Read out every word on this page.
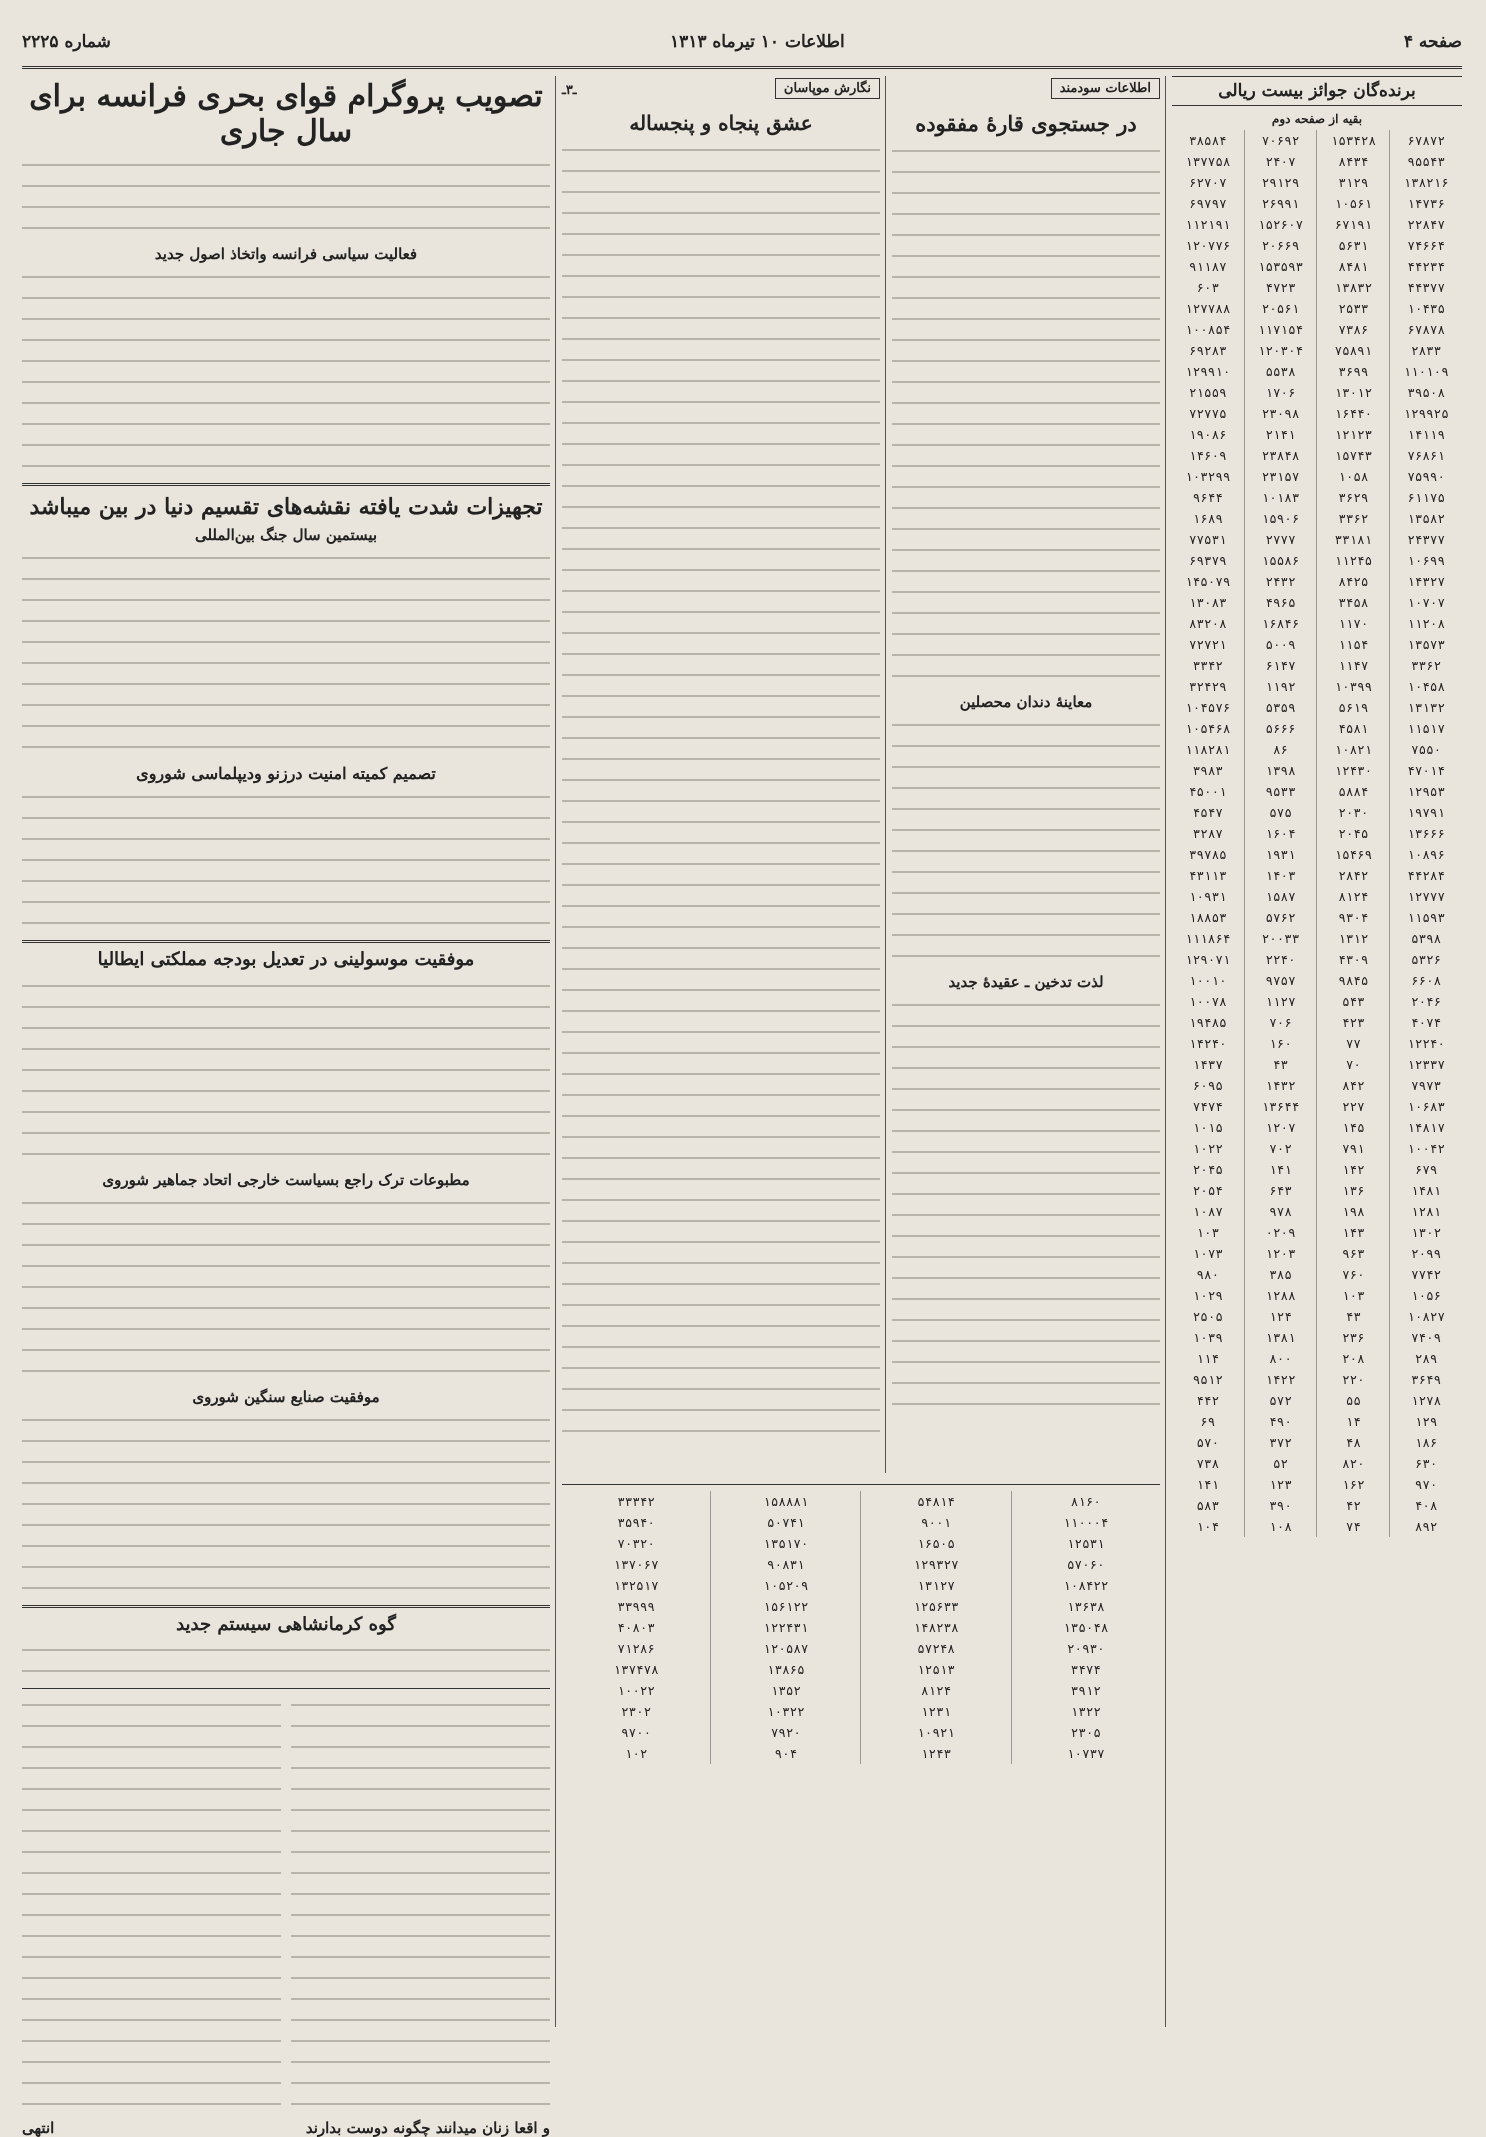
صفحه ۴
اطلاعات ۱۰ تیرماه ۱۳۱۳
شماره ۲۲۲۵
برنده‌گان جوائز بیست ریالی
بقیه از صفحه دوم
۳۸۵۸۴	۷۰۶۹۲	۱۵۳۴۲۸	۶۷۸۷۲
۱۳۷۷۵۸	۲۴۰۷	۸۴۳۴	۹۵۵۴۳
۶۲۷۰۷	۲۹۱۲۹	۳۱۲۹	۱۳۸۲۱۶
۶۹۷۹۷	۲۶۹۹۱	۱۰۵۶۱	۱۴۷۳۶
۱۱۲۱۹۱	۱۵۲۶۰۷	۶۷۱۹۱	۲۲۸۴۷
۱۲۰۷۷۶	۲۰۶۶۹	۵۶۳۱	۷۴۶۶۴
۹۱۱۸۷	۱۵۳۵۹۳	۸۴۸۱	۴۴۲۳۴
۶۰۳	۴۷۲۳	۱۳۸۳۲	۴۴۳۷۷
۱۲۷۷۸۸	۲۰۵۶۱	۲۵۳۳	۱۰۴۳۵
۱۰۰۸۵۴	۱۱۷۱۵۴	۷۳۸۶	۶۷۸۷۸
۶۹۲۸۳	۱۲۰۳۰۴	۷۵۸۹۱	۲۸۳۳
۱۲۹۹۱۰	۵۵۳۸	۳۶۹۹	۱۱۰۱۰۹
۲۱۵۵۹	۱۷۰۶	۱۳۰۱۲	۳۹۵۰۸
۷۲۷۷۵	۲۳۰۹۸	۱۶۴۴۰	۱۲۹۹۲۵
۱۹۰۸۶	۲۱۴۱	۱۲۱۲۳	۱۴۱۱۹
۱۴۶۰۹	۲۳۸۴۸	۱۵۷۴۳	۷۶۸۶۱
۱۰۳۲۹۹	۲۳۱۵۷	۱۰۵۸	۷۵۹۹۰
۹۶۴۴	۱۰۱۸۳	۳۶۲۹	۶۱۱۷۵
۱۶۸۹	۱۵۹۰۶	۳۳۶۲	۱۳۵۸۲
۷۷۵۳۱	۲۷۷۷	۳۳۱۸۱	۲۴۳۷۷
۶۹۳۷۹	۱۵۵۸۶	۱۱۲۴۵	۱۰۶۹۹
۱۴۵۰۷۹	۲۴۳۲	۸۴۲۵	۱۴۳۲۷
۱۳۰۸۳	۴۹۶۵	۳۴۵۸	۱۰۷۰۷
۸۳۲۰۸	۱۶۸۴۶	۱۱۷۰	۱۱۲۰۸
۷۲۷۲۱	۵۰۰۹	۱۱۵۴	۱۳۵۷۳
۳۳۴۲	۶۱۴۷	۱۱۴۷	۳۳۶۲
۳۲۴۲۹	۱۱۹۲	۱۰۳۹۹	۱۰۴۵۸
۱۰۴۵۷۶	۵۳۵۹	۵۶۱۹	۱۳۱۳۲
۱۰۵۴۶۸	۵۶۶۶	۴۵۸۱	۱۱۵۱۷
۱۱۸۲۸۱	۸۶	۱۰۸۲۱	۷۵۵۰
۳۹۸۳	۱۳۹۸	۱۲۴۳۰	۴۷۰۱۴
۴۵۰۰۱	۹۵۳۳	۵۸۸۴	۱۲۹۵۳
۴۵۴۷	۵۷۵	۲۰۳۰	۱۹۷۹۱
۳۲۸۷	۱۶۰۴	۲۰۴۵	۱۳۶۶۶
۳۹۷۸۵	۱۹۳۱	۱۵۴۶۹	۱۰۸۹۶
۴۳۱۱۳	۱۴۰۳	۲۸۴۲	۴۴۲۸۴
۱۰۹۳۱	۱۵۸۷	۸۱۲۴	۱۲۷۷۷
۱۸۸۵۳	۵۷۶۲	۹۳۰۴	۱۱۵۹۳
۱۱۱۸۶۴	۲۰۰۳۳	۱۳۱۲	۵۳۹۸
۱۲۹۰۷۱	۲۲۴۰	۴۳۰۹	۵۳۲۶
۱۰۰۱۰	۹۷۵۷	۹۸۴۵	۶۶۰۸
۱۰۰۷۸	۱۱۲۷	۵۴۳	۲۰۴۶
۱۹۴۸۵	۷۰۶	۴۲۳	۴۰۷۴
۱۴۲۴۰	۱۶۰	۷۷	۱۲۲۴۰
۱۴۳۷	۴۳	۷۰	۱۲۳۳۷
۶۰۹۵	۱۴۳۲	۸۴۲	۷۹۷۳
۷۴۷۴	۱۳۶۴۴	۲۲۷	۱۰۶۸۳
۱۰۱۵	۱۲۰۷	۱۴۵	۱۴۸۱۷
۱۰۲۲	۷۰۲	۷۹۱	۱۰۰۴۲
۲۰۴۵	۱۴۱	۱۴۲	۶۷۹
۲۰۵۴	۶۴۳	۱۳۶	۱۴۸۱
۱۰۸۷	۹۷۸	۱۹۸	۱۲۸۱
۱۰۳	۰۲۰۹	۱۴۳	۱۳۰۲
۱۰۷۳	۱۲۰۳	۹۶۳	۲۰۹۹
۹۸۰	۳۸۵	۷۶۰	۷۷۴۲
۱۰۲۹	۱۲۸۸	۱۰۳	۱۰۵۶
۲۵۰۵	۱۲۴	۴۳	۱۰۸۲۷
۱۰۳۹	۱۳۸۱	۲۳۶	۷۴۰۹
۱۱۴	۸۰۰	۲۰۸	۲۸۹
۹۵۱۲	۱۴۲۲	۲۲۰	۳۶۴۹
۴۴۲	۵۷۲	۵۵	۱۲۷۸
۶۹	۴۹۰	۱۴	۱۲۹
۵۷۰	۳۷۲	۴۸	۱۸۶
۷۳۸	۵۲	۸۲۰	۶۳۰
۱۴۱	۱۲۳	۱۶۲	۹۷۰
۵۸۳	۳۹۰	۴۲	۴۰۸
۱۰۴	۱۰۸	۷۴	۸۹۲
اطلاعات سودمند
در جستجوی قارهٔ مفقوده
معاینهٔ دندان محصلین
لذت تدخین ـ عقیدهٔ جدید
۳۳۳۴۲	۱۵۸۸۸۱	۵۴۸۱۴	۸۱۶۰
۳۵۹۴۰	۵۰۷۴۱	۹۰۰۱	۱۱۰۰۰۴
۷۰۳۲۰	۱۳۵۱۷۰	۱۶۵۰۵	۱۲۵۳۱
۱۳۷۰۶۷	۹۰۸۳۱	۱۲۹۳۲۷	۵۷۰۶۰
۱۳۲۵۱۷	۱۰۵۲۰۹	۱۳۱۲۷	۱۰۸۴۲۲
۳۳۹۹۹	۱۵۶۱۲۲	۱۲۵۶۳۳	۱۳۶۳۸
۴۰۸۰۳	۱۲۲۴۳۱	۱۴۸۲۳۸	۱۳۵۰۴۸
۷۱۲۸۶	۱۲۰۵۸۷	۵۷۲۴۸	۲۰۹۳۰
۱۳۷۴۷۸	۱۳۸۶۵	۱۲۵۱۳	۳۴۷۴
۱۰۰۲۲	۱۳۵۲	۸۱۲۴	۳۹۱۲
۲۳۰۲	۱۰۳۲۲	۱۲۳۱	۱۳۲۲
۹۷۰۰	۷۹۲۰	۱۰۹۲۱	۲۳۰۵
۱۰۲	۹۰۴	۱۲۴۳	۱۰۷۳۷
نگارش موپاسان
ـ۳ـ
عشق پنجاه و پنجساله
تصویب پروگرام قوای بحری فرانسه برای سال جاری
فعالیت سیاسی فرانسه واتخاذ اصول جدید
تجهیزات شدت یافته نقشه‌های تقسیم دنیا در بین میباشد
بیستمین سال جنگ بین‌المللی
تصمیم کمیته امنیت درزنو ودیپلماسی شوروی
موفقیت موسولینی در تعدیل بودجه مملکتی ایطالیا
مطبوعات ترک راجع بسیاست خارجی اتحاد جماهیر شوروی
موفقیت صنایع سنگین شوروی
گوه کرمانشاهی سیستم جدید
و اقعا زنان میدانند چگونه دوست بدارند
انتهی
